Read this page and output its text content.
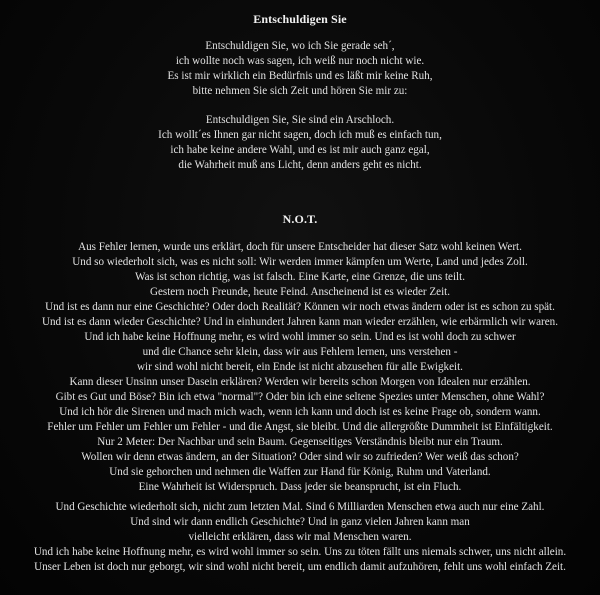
Entschuldigen Sie
Entschuldigen Sie, wo ich Sie gerade seh´,
ich wollte noch was sagen, ich weiß nur noch nicht wie.
Es ist mir wirklich ein Bedürfnis und es läßt mir keine Ruh,
bitte nehmen Sie sich Zeit und hören Sie mir zu:
Entschuldigen Sie, Sie sind ein Arschloch.
Ich wollt´es Ihnen gar nicht sagen, doch ich muß es einfach tun,
ich habe keine andere Wahl, und es ist mir auch ganz egal,
die Wahrheit muß ans Licht, denn anders geht es nicht.
N.O.T.
Aus Fehler lernen, wurde uns erklärt, doch für unsere Entscheider hat dieser Satz wohl keinen Wert.
Und so wiederholt sich, was es nicht soll: Wir werden immer kämpfen um Werte, Land und jedes Zoll.
Was ist schon richtig, was ist falsch. Eine Karte, eine Grenze, die uns teilt.
Gestern noch Freunde, heute Feind. Anscheinend ist es wieder Zeit.
Und ist es dann nur eine Geschichte? Oder doch Realität? Können wir noch etwas ändern oder ist es schon zu spät.
Und ist es dann wieder Geschichte? Und in einhundert Jahren kann man wieder erzählen, wie erbärmlich wir waren.
Und ich habe keine Hoffnung mehr, es wird wohl immer so sein. Und es ist wohl doch zu schwer
und die Chance sehr klein, dass wir aus Fehlern lernen, uns verstehen -
wir sind wohl nicht bereit, ein Ende ist nicht abzusehen für alle Ewigkeit.
Kann dieser Unsinn unser Dasein erklären? Werden wir bereits schon Morgen von Idealen nur erzählen.
Gibt es Gut und Böse? Bin ich etwa "normal"? Oder bin ich eine seltene Spezies unter Menschen, ohne Wahl?
Und ich hör die Sirenen und mach mich wach, wenn ich kann und doch ist es keine Frage ob, sondern wann.
Fehler um Fehler um Fehler um Fehler - und die Angst, sie bleibt. Und die allergrößte Dummheit ist Einfältigkeit.
Nur 2 Meter: Der Nachbar und sein Baum. Gegenseitiges Verständnis bleibt nur ein Traum.
Wollen wir denn etwas ändern, an der Situation? Oder sind wir so zufrieden? Wer weiß das schon?
Und sie gehorchen und nehmen die Waffen zur Hand für König, Ruhm und Vaterland.
Eine Wahrheit ist Widerspruch. Dass jeder sie beansprucht, ist ein Fluch.
Und Geschichte wiederholt sich, nicht zum letzten Mal. Sind 6 Milliarden Menschen etwa auch nur eine Zahl.
Und sind wir dann endlich Geschichte? Und in ganz vielen Jahren kann man
vielleicht erklären, dass wir mal Menschen waren.
Und ich habe keine Hoffnung mehr, es wird wohl immer so sein. Uns zu töten fällt uns niemals schwer, uns nicht allein.
Unser Leben ist doch nur geborgt, wir sind wohl nicht bereit, um endlich damit aufzuhören, fehlt uns wohl einfach Zeit.
